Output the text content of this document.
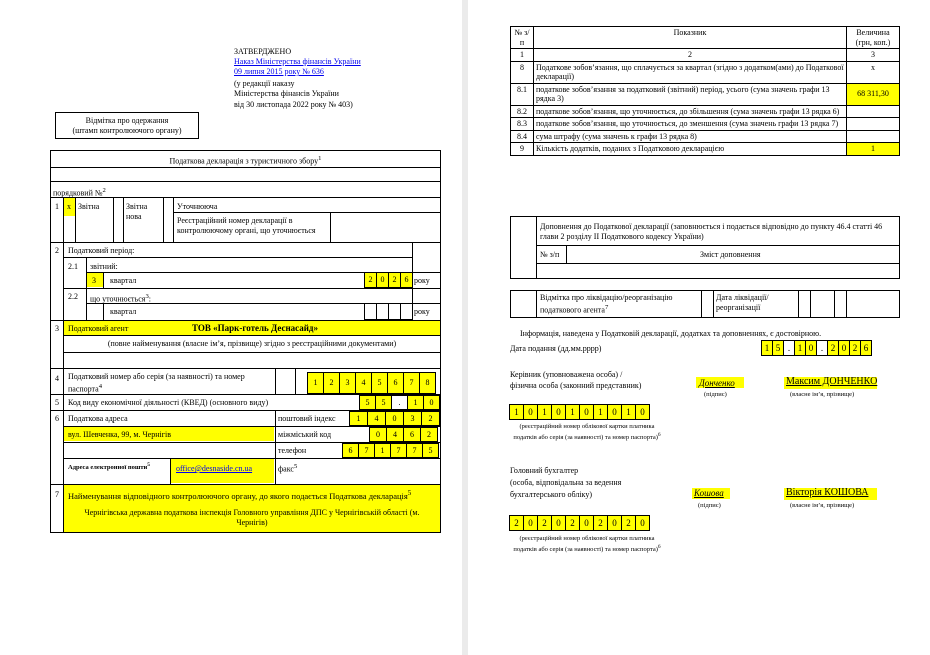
ЗАТВЕРДЖЕНО
Наказ Міністерства фінансів України
09 липня 2015 року № 636
(у редакції наказу
Міністерства фінансів України
від 30 листопада 2022 року № 403)
Відмітка про одержання
(штамп контролюючого органу)
Податкова декларація з туристичного збору$^1$
порядковий №$^2$
1 x Звітна	Звітна
нова
Уточнююча
Реєстраційний номер декларації в контролюючому органі, що уточнюється
2 Податковий період:
2.1 звітний:
3 квартал	2	0	2	6 року
2.2 що уточнюється$^3$:
квартал	року
3 Податковий агент	ТОВ «Парк-готель Деснасайд»
(повне найменування (власне ім’я, прізвище) згідно з реєстраційними документами)
4 Податковий номер або серія (за наявності) та номер паспорта$^4$	1	2	3	4	5	6	7	8
5 Код виду економічної діяльності (КВЕД) (основного виду)	5	5	.	1	0
6 Податкова адреса	поштовий індекс	1	4	0	3	2
вул. Шевченка, 99, м. Чернігів	міжміський код	0	4	6	2
телефон	6	7	1	7	7	5
Адреса електронної пошти$^5$	office@desnaside.cn.ua	факс$^5$
7 Найменування відповідного контролюючого органу, до якого подається Податкова декларація$^5$
Чернігівська державна податкова інспекція Головного управління ДПС у Чернігівській області (м. Чернігів)
№ з/п	Показник	Величина (грн, коп.)
1	2	3
8	Податкове зобов’язання, що сплачується за квартал (згідно з додатком(ами) до Податкової декларації)	х
8.1	податкове зобов’язання за податковий (звітний) період, усього (сума значень графи 13 рядка 3)	68 311,30
8.2	податкове зобов’язання, що уточнюється, до збільшення (сума значень графи 13 рядка 6)	
8.3	податкове зобов’язання, що уточнюється, до зменшення (сума значень графи 13 рядка 7)	
8.4	сума штрафу (сума значень к графи 13 рядка 8)	
9	Кількість додатків, поданих з Податковою декларацією	1
Доповнення до Податкової декларації (заповнюється і подається відповідно до пункту 46.4 статті 46 глави 2 розділу II Податкового кодексу України)
№ з/п	Зміст доповнення
Відмітка про ліквідацію/реорганізацію податкового агента$^7$
Дата ліквідації/ реорганізації
Інформація, наведена у Податковій декларації, додатках та доповненнях, є достовірною.
Дата подання (дд.мм.рррр)	1 5 . 1 0 . 2 0 2 6
Керівник (уповноважена особа) /
фізична особа (законний представник)	Донченко
(підпис)
Максим ДОНЧЕНКО
(власне ім’я, прізвище)
1	0	1	0	1	0	1	0	1	0
(реєстраційний номер облікової картки платника податків або серія (за наявності) та номер паспорта)$^6$
Головний бухгалтер
(особа, відповідальна за ведення
бухгалтерського обліку)	Кошова
(підпис)
Вікторія КОШОВА
(власне ім’я, прізвище)
2	0	2	0	2	0	2	0	2	0
(реєстраційний номер облікової картки платника податків або серія (за наявності) та номер паспорта)$^6$
